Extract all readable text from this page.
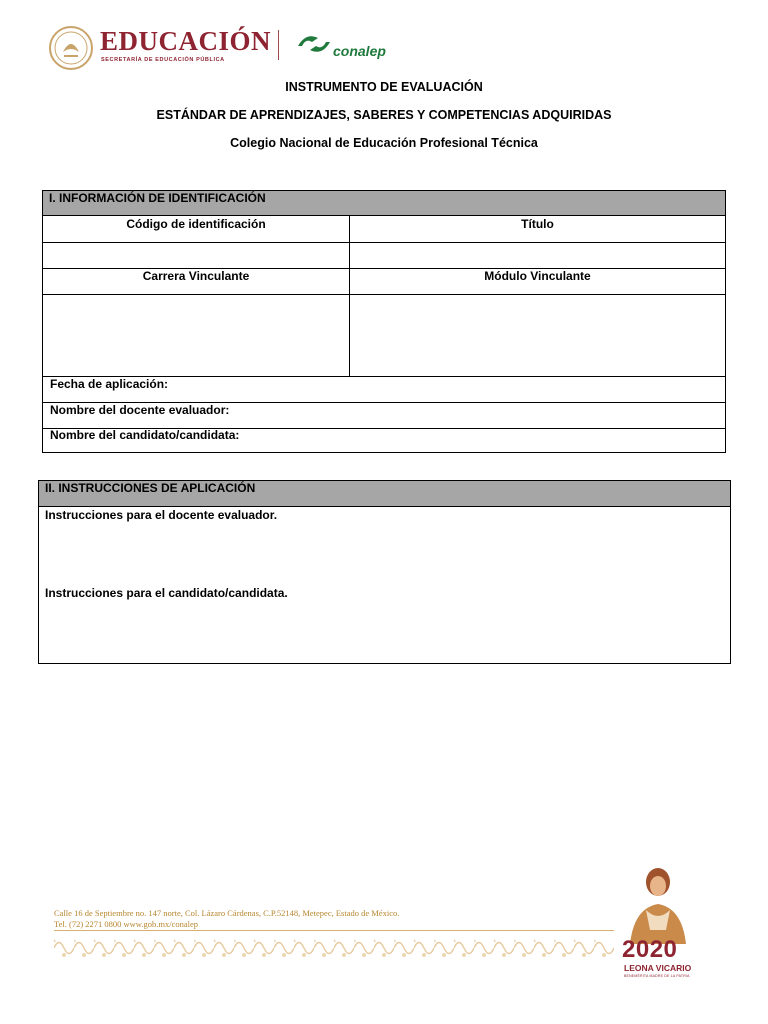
EDUCACIÓN
SECRETARÍA DE EDUCACIÓN PÚBLICA
conalep
INSTRUMENTO DE EVALUACIÓN
ESTÁNDAR DE APRENDIZAJES, SABERES Y COMPETENCIAS ADQUIRIDAS
Colegio Nacional de Educación Profesional Técnica
I. INFORMACIÓN DE IDENTIFICACIÓN
Código de identificación	Título
Carrera Vinculante	Módulo Vinculante
Fecha de aplicación:
Nombre del docente evaluador:
Nombre del candidato/candidata:
II. INSTRUCCIONES DE APLICACIÓN
Instrucciones para el docente evaluador.
Instrucciones para el candidato/candidata.
Calle 16 de Septiembre no. 147 norte, Col. Lázaro Cárdenas, C.P.52148, Metepec, Estado de México.
Tel. (72) 2271 0800 www.gob.mx/conalep
2020
LEONA VICARIO
BENEMÉRITA MADRE DE LA PATRIA
